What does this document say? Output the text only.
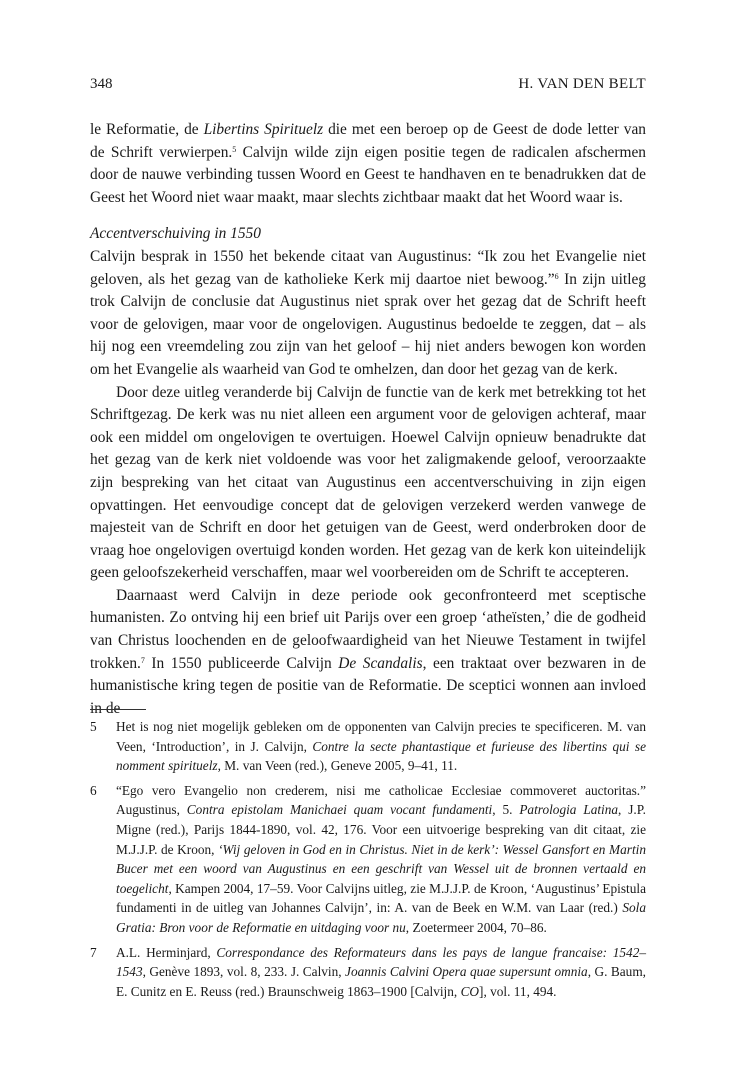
348	H. VAN DEN BELT

le Reformatie, de Libertins Spirituelz die met een beroep op de Geest de dode letter van de Schrift verwierpen.$^5$ Calvijn wilde zijn eigen positie tegen de radicalen afschermen door de nauwe verbinding tussen Woord en Geest te handhaven en te benadrukken dat de Geest het Woord niet waar maakt, maar slechts zichtbaar maakt dat het Woord waar is.

Accentverschuiving in 1550

Calvijn besprak in 1550 het bekende citaat van Augustinus: “Ik zou het Evangelie niet geloven, als het gezag van de katholieke Kerk mij daartoe niet bewoog.”$^6$ In zijn uitleg trok Calvijn de conclusie dat Augustinus niet sprak over het gezag dat de Schrift heeft voor de gelovigen, maar voor de ongelovigen. Augustinus bedoelde te zeggen, dat – als hij nog een vreemdeling zou zijn van het geloof – hij niet anders bewogen kon worden om het Evangelie als waarheid van God te omhelzen, dan door het gezag van de kerk.

Door deze uitleg veranderde bij Calvijn de functie van de kerk met betrekking tot het Schriftgezag. De kerk was nu niet alleen een argument voor de gelovigen achteraf, maar ook een middel om ongelovigen te overtuigen. Hoewel Calvijn opnieuw benadrukte dat het gezag van de kerk niet voldoende was voor het zaligmakende geloof, veroorzaakte zijn bespreking van het citaat van Augustinus een accentverschuiving in zijn eigen opvattingen. Het eenvoudige concept dat de gelovigen verzekerd werden vanwege de majesteit van de Schrift en door het getuigen van de Geest, werd onderbroken door de vraag hoe ongelovigen overtuigd konden worden. Het gezag van de kerk kon uiteindelijk geen geloofszekerheid verschaffen, maar wel voorbereiden om de Schrift te accepteren.

Daarnaast werd Calvijn in deze periode ook geconfronteerd met sceptische humanisten. Zo ontving hij een brief uit Parijs over een groep ‘atheïsten,’ die de godheid van Christus loochenden en de geloofwaardigheid van het Nieuwe Testament in twijfel trokken.$^7$ In 1550 publiceerde Calvijn De Scandalis, een traktaat over bezwaren in de humanistische kring tegen de positie van de Reformatie. De sceptici wonnen aan invloed in de

5 Het is nog niet mogelijk gebleken om de opponenten van Calvijn precies te specificeren. M. van Veen, ‘Introduction’, in J. Calvijn, Contre la secte phantastique et furieuse des libertins qui se nomment spirituelz, M. van Veen (red.), Geneve 2005, 9–41, 11.

6 “Ego vero Evangelio non crederem, nisi me catholicae Ecclesiae commoveret auctoritas.” Augustinus, Contra epistolam Manichaei quam vocant fundamenti, 5. Patrologia Latina, J.P. Migne (red.), Parijs 1844-1890, vol. 42, 176. Voor een uitvoerige bespreking van dit citaat, zie M.J.J.P. de Kroon, ‘Wij geloven in God en in Christus. Niet in de kerk’: Wessel Gansfort en Martin Bucer met een woord van Augustinus en een geschrift van Wessel uit de bronnen vertaald en toegelicht, Kampen 2004, 17–59. Voor Calvijns uitleg, zie M.J.J.P. de Kroon, ‘Augustinus’ Epistula fundamenti in de uitleg van Johannes Calvijn’, in: A. van de Beek en W.M. van Laar (red.) Sola Gratia: Bron voor de Reformatie en uitdaging voor nu, Zoetermeer 2004, 70–86.

7 A.L. Herminjard, Correspondance des Reformateurs dans les pays de langue francaise: 1542–1543, Genève 1893, vol. 8, 233. J. Calvin, Joannis Calvini Opera quae supersunt omnia, G. Baum, E. Cunitz en E. Reuss (red.) Braunschweig 1863–1900 [Calvijn, CO], vol. 11, 494.
